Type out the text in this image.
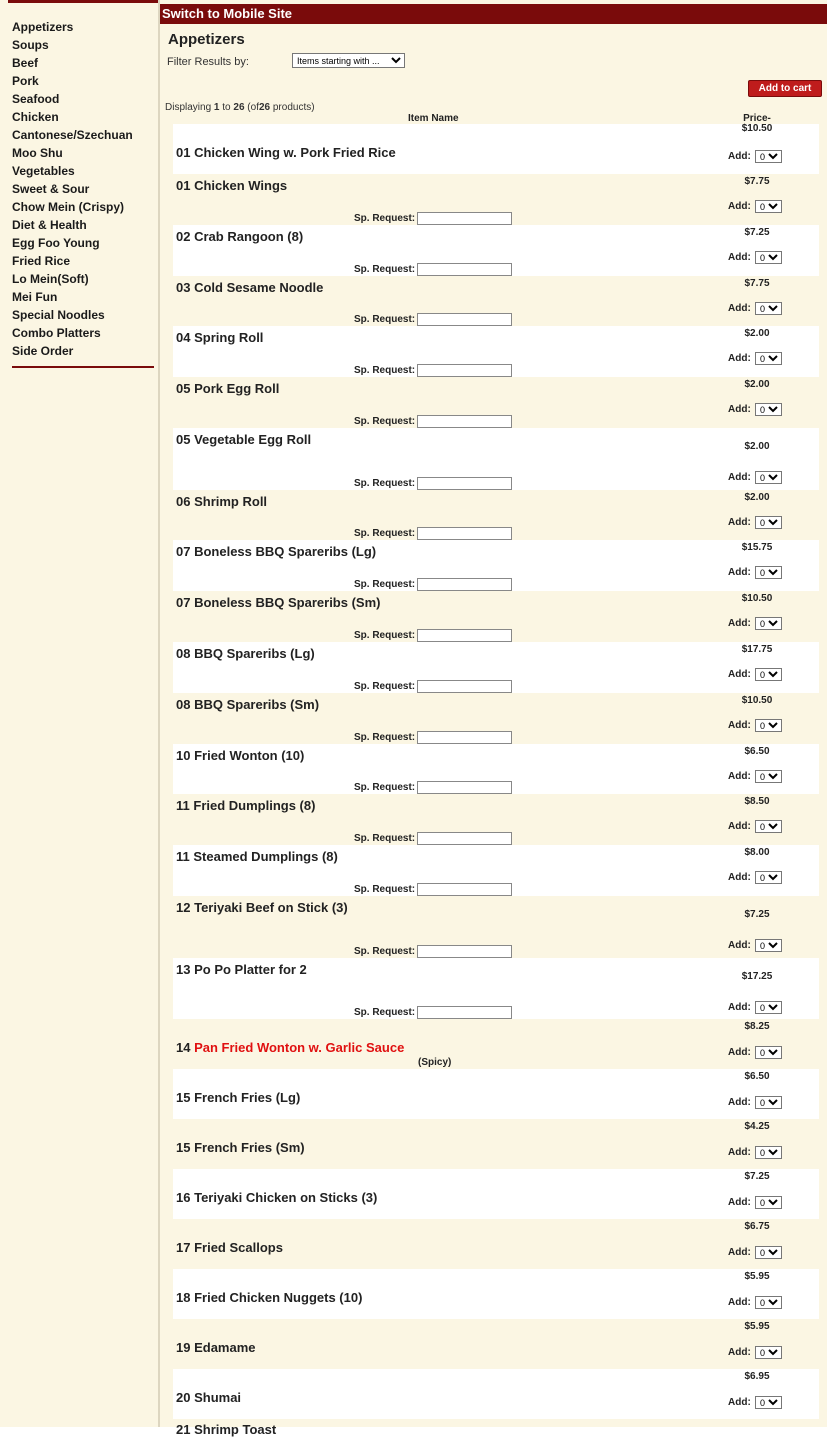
Appetizers
Soups
Beef
Pork
Seafood
Chicken
Cantonese/Szechuan
Moo Shu
Vegetables
Sweet & Sour
Chow Mein (Crispy)
Diet & Health
Egg Foo Young
Fried Rice
Lo Mein(Soft)
Mei Fun
Special Noodles
Combo Platters
Side Order
Switch to Mobile Site
Appetizers
Filter Results by:
Items starting with ...
Add to cart
Displaying 1 to 26 (of26 products)
Item Name	Price-
01 Chicken Wing w. Pork Fried Rice
$10.50
Add:
0
01 Chicken Wings	$7.75
Add:
0
Sp. Request:
02 Crab Rangoon (8)	$7.25
Add:
0
Sp. Request:
03 Cold Sesame Noodle	$7.75
Add:
0
Sp. Request:
04 Spring Roll	$2.00
Add:
0
Sp. Request:
05 Pork Egg Roll	$2.00
Add:
0
Sp. Request:
05 Vegetable Egg Roll	$2.00
Add:
0
Sp. Request:
06 Shrimp Roll	$2.00
Add:
0
Sp. Request:
07 Boneless BBQ Spareribs (Lg)	$15.75
Add:
0
Sp. Request:
07 Boneless BBQ Spareribs (Sm)	$10.50
Add:
0
Sp. Request:
08 BBQ Spareribs (Lg)	$17.75
Add:
0
Sp. Request:
08 BBQ Spareribs (Sm)	$10.50
Add:
0
Sp. Request:
10 Fried Wonton (10)	$6.50
Add:
0
Sp. Request:
11 Fried Dumplings (8)	$8.50
Add:
0
Sp. Request:
11 Steamed Dumplings (8)	$8.00
Add:
0
Sp. Request:
12 Teriyaki Beef on Stick (3)	$7.25
Add:
0
Sp. Request:
13 Po Po Platter for 2	$17.25
Add:
0
Sp. Request:
14 Pan Fried Wonton w. Garlic Sauce
$8.25
Add:
0
(Spicy)
15 French Fries (Lg)
$6.50
Add:
0
15 French Fries (Sm)
$4.25
Add:
0
16 Teriyaki Chicken on Sticks (3)
$7.25
Add:
0
17 Fried Scallops
$6.75
Add:
0
18 Fried Chicken Nuggets (10)
$5.95
Add:
0
19 Edamame
$5.95
Add:
0
20 Shumai
$6.95
Add:
0
21 Shrimp Toast
